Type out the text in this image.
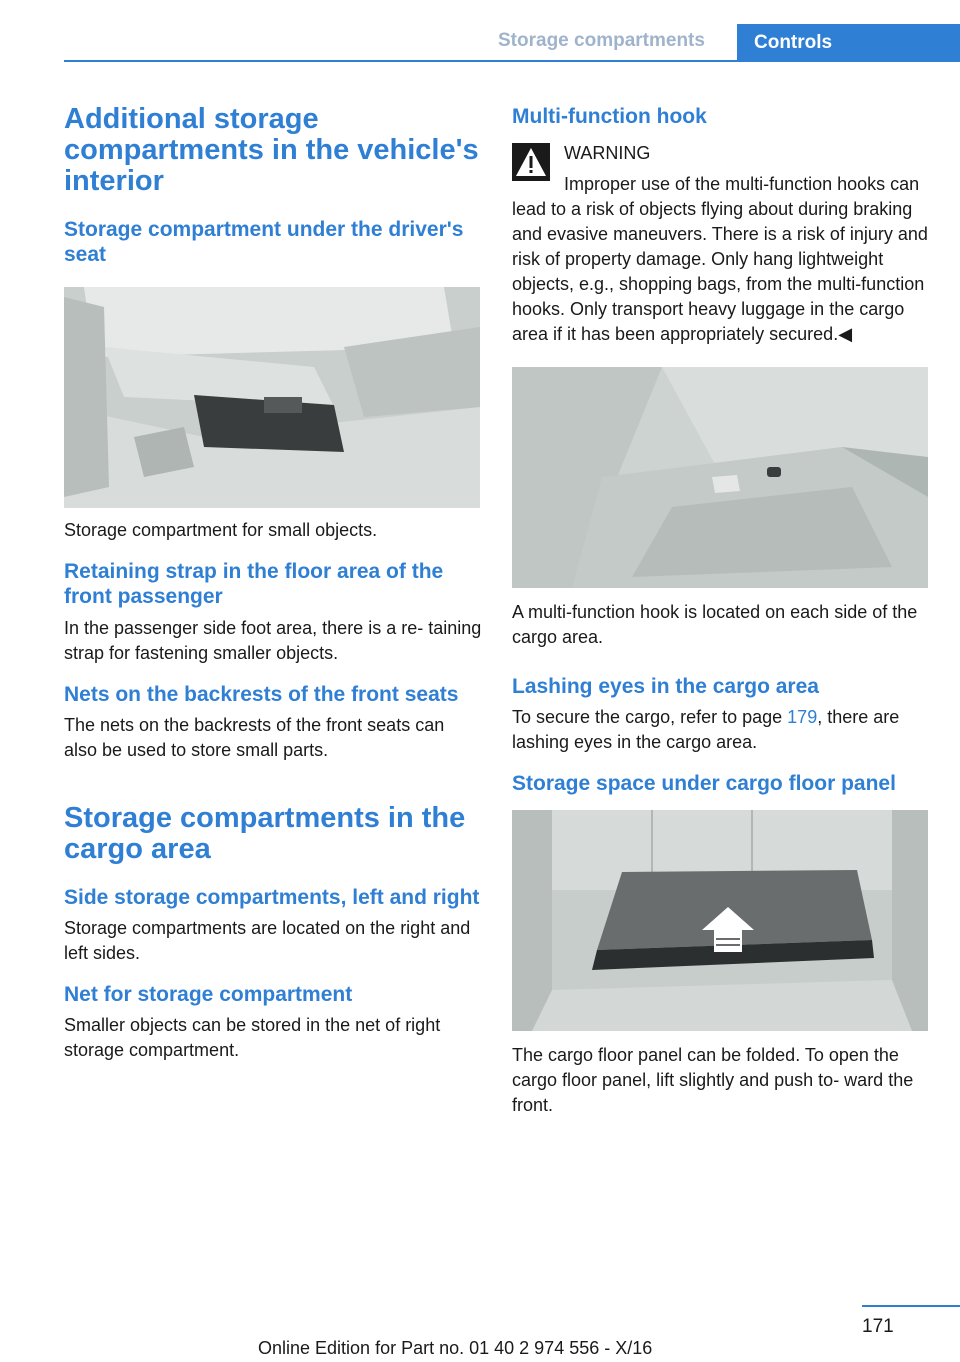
Storage compartments	Controls
Additional storage compartments in the vehicle's interior
Storage compartment under the driver's seat

Storage compartment for small objects.

Retaining strap in the floor area of the front passenger

In the passenger side foot area, there is a re‐ taining strap for fastening smaller objects.

Nets on the backrests of the front seats

The nets on the backrests of the front seats can also be used to store small parts.

Storage compartments in the cargo area
Side storage compartments, left and right

Storage compartments are located on the right and left sides.

Net for storage compartment

Smaller objects can be stored in the net of right storage compartment.

Multi-function hook
WARNING

Improper use of the multi-function hooks can lead to a risk of objects flying about during braking and evasive maneuvers. There is a risk of injury and risk of property damage. Only hang lightweight objects, e.g., shopping bags, from the multi-function hooks. Only transport heavy luggage in the cargo area if it has been appropriately secured.◀

A multi-function hook is located on each side of the cargo area.

Lashing eyes in the cargo area

To secure the cargo, refer to page 179, there are lashing eyes in the cargo area.

Storage space under cargo floor panel

The cargo floor panel can be folded. To open the cargo floor panel, lift slightly and push to‐ ward the front.

171
Online Edition for Part no. 01 40 2 974 556 - X/16
